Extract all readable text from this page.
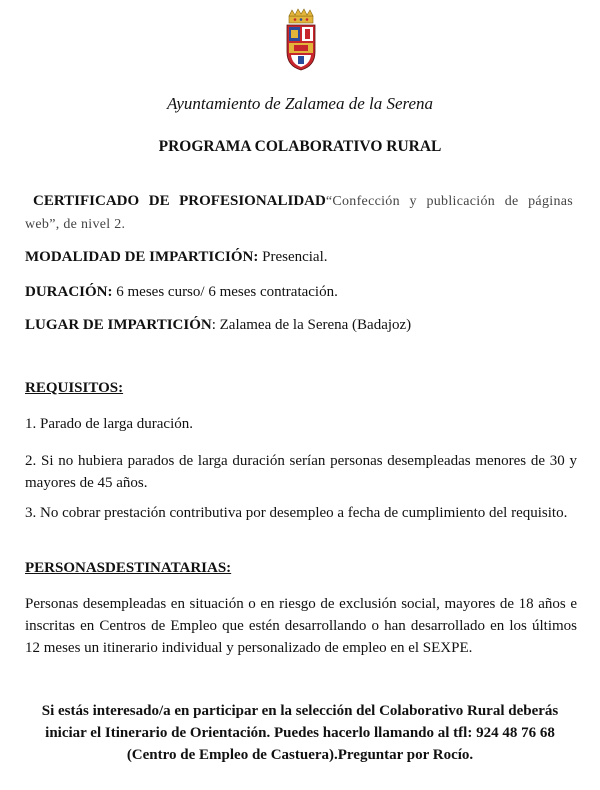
Ayuntamiento de Zalamea de la Serena
PROGRAMA COLABORATIVO RURAL
CERTIFICADO DE PROFESIONALIDAD“Confección y publicación de páginas web”, de nivel 2.
MODALIDAD DE IMPARTICIÓN: Presencial.
DURACIÓN: 6 meses curso/ 6 meses contratación.
LUGAR DE IMPARTICIÓN: Zalamea de la Serena (Badajoz)
REQUISITOS:
1. Parado de larga duración.
2. Si no hubiera parados de larga duración serían personas desempleadas menores de 30 y mayores de 45 años.
3. No cobrar prestación contributiva por desempleo a fecha de cumplimiento del requisito.
PERSONASDESTINATARIAS:
Personas desempleadas en situación o en riesgo de exclusión social, mayores de 18 años e inscritas en Centros de Empleo que estén desarrollando o han desarrollado en los últimos 12 meses un itinerario individual y personalizado de empleo en el SEXPE.
Si estás interesado/a en participar en la selección del Colaborativo Rural deberás iniciar el Itinerario de Orientación. Puedes hacerlo llamando al tfl: 924 48 76 68 (Centro de Empleo de Castuera).Preguntar por Rocío.
